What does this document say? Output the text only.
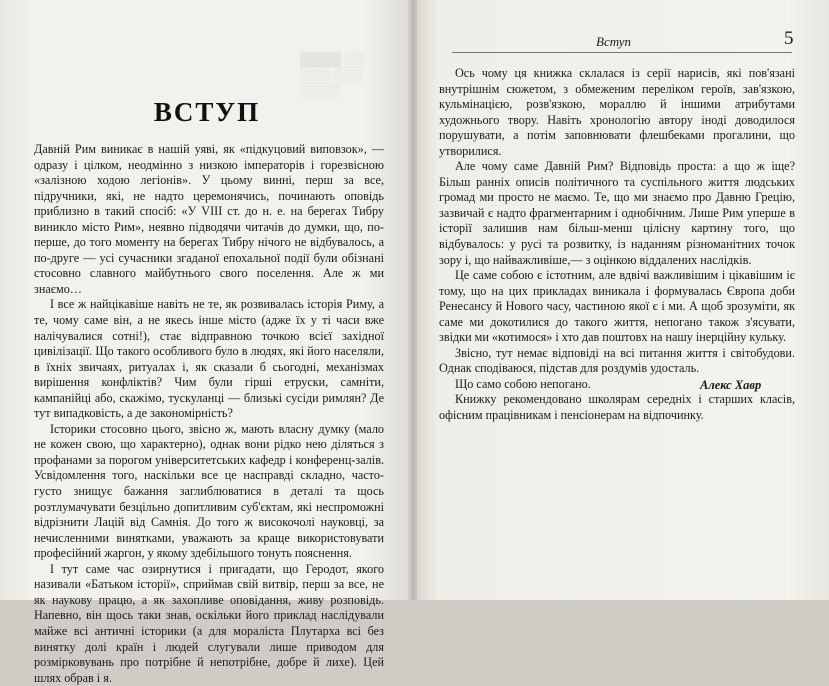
▓▓▓▓ ▒▒
▒▒▒ ▒▒▒
▒▒▒▒
ВСТУП

Давній Рим виникає в нашій уяві, як «підкуцовий виповзок», — одразу і цілком, неодмінно з низкою імператорів і горезвісною «залізною ходою легіонів». У цьому винні, перш за все, підручники, які, не надто церемонячись, починають оповідь приблизно в такий спосіб: «У VIII ст. до н. е. на берегах Тибру виникло місто Рим», неявно підводячи читачів до думки, що, по-перше, до того моменту на берегах Тибру нічого не відбувалось, а по-друге — усі сучасники згаданої епохальної події були обізнані стосовно славного майбутнього свого поселення. Але ж ми знаємо…

І все ж найцікавіше навіть не те, як розвивалась історія Риму, а те, чому саме він, а не якесь інше місто (адже їх у ті часи вже налічувалися сотні!), стає відправною точкою всієї західної цивілізації. Що такого особливого було в людях, які його населяли, в їхніх звичаях, ритуалах і, як сказали б сьогодні, механізмах вирішення конфліктів? Чим були гірші етруски, самніти, кампанійці або, скажімо, тускуланці — близькі сусіди римлян? Де тут випадковість, а де закономірність?

Історики стосовно цього, звісно ж, мають власну думку (мало не кожен свою, що характерно), однак вони рідко нею діляться з профанами за порогом університетських кафедр і конференц-залів. Усвідомлення того, наскільки все це насправді складно, часто-густо знищує бажання заглиблюватися в деталі та щось розтлумачувати безцільно допитливим суб'єктам, які неспроможні відрізнити Лацій від Самнія. До того ж високочолі науковці, за нечисленними винятками, уважають за краще використовувати професійний жаргон, у якому здебільшого тонуть пояснення.

І тут саме час озирнутися і пригадати, що Геродот, якого називали «Батьком історії», сприймав свій витвір, перш за все, не як наукову працю, а як захопливе оповідання, живу розповідь. Напевно, він щось таки знав, оскільки його приклад наслідували майже всі античні історики (а для моралістa Плутарха всі без винятку долі країн і людей слугували лише приводом для розмірковувань про потрібне й непотрібне, добре й лихе). Цей шлях обрав і я.

Вступ	5

Ось чому ця книжка склалася із серії нарисів, які пов'язані внутрішнім сюжетом, з обмеженим переліком героїв, зав'язкою, кульмінацією, розв'язкою, мораллю й іншими атрибутами художнього твору. Навіть хронологію автору іноді доводилося порушувати, а потім заповнювати флешбеками прогалини, що утворилися.

Але чому саме Давній Рим? Відповідь проста: а що ж іще? Більш ранніх описів політичного та суспільного життя людських громад ми просто не маємо. Те, що ми знаємо про Давню Грецію, зазвичай є надто фрагментарним і однобічним. Лише Рим уперше в історії залишив нам більш-менш цілісну картину того, що відбувалось: у русі та розвитку, із наданням різноманітних точок зору і, що найважливіше,— з оцінкою віддалених наслідків.

Це саме собою є істотним, але вдвічі важливішим і цікавішим іє тому, що на цих прикладах виникала і формувалась Європа доби Ренесансу й Нового часу, частиною якої є і ми. А щоб зрозуміти, як саме ми докотилися до такого життя, непогано також з'ясувати, звідки ми «котимося» і хто дав поштовх на нашу інерційну кульку.

Звісно, тут немає відповіді на всі питання життя і світобудови. Однак сподіваюся, підстав для роздумів удосталь.

Що само собою непогано.

Книжку рекомендовано школярам середніх і старших класів, офісним працівникам і пенсіонерам на відпочинку.

Алекс Хавр
